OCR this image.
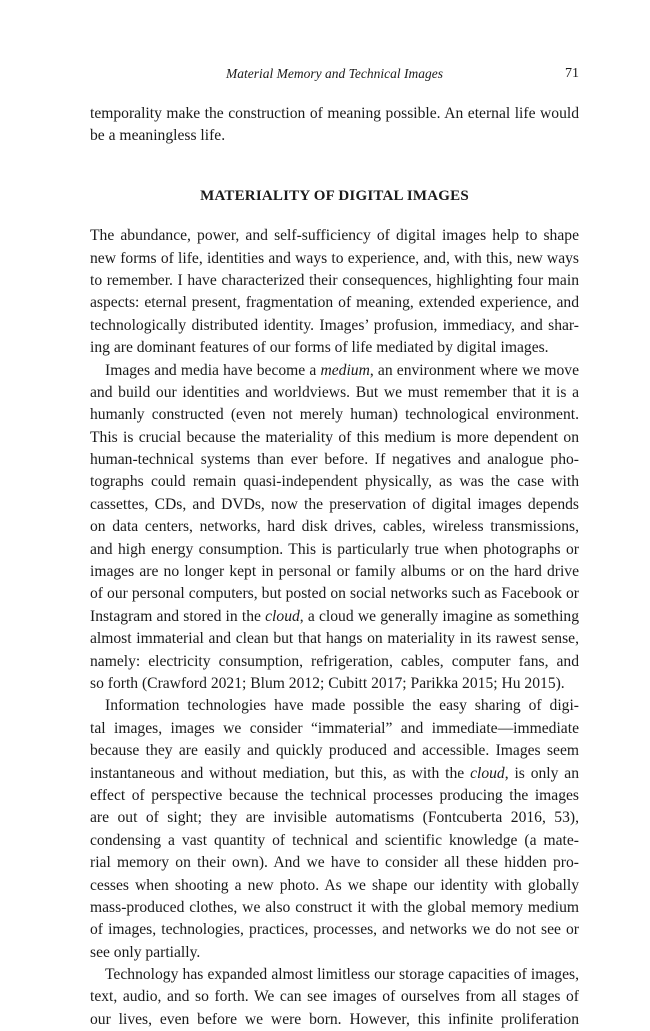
Material Memory and Technical Images	71
temporality make the construction of meaning possible. An eternal life would
be a meaningless life.
MATERIALITY OF DIGITAL IMAGES
The abundance, power, and self-sufficiency of digital images help to shape
new forms of life, identities and ways to experience, and, with this, new ways
to remember. I have characterized their consequences, highlighting four main
aspects: eternal present, fragmentation of meaning, extended experience, and
technologically distributed identity. Images’ profusion, immediacy, and shar-
ing are dominant features of our forms of life mediated by digital images.
Images and media have become a medium, an environment where we move
and build our identities and worldviews. But we must remember that it is a
humanly constructed (even not merely human) technological environment.
This is crucial because the materiality of this medium is more dependent on
human-technical systems than ever before. If negatives and analogue pho-
tographs could remain quasi-independent physically, as was the case with
cassettes, CDs, and DVDs, now the preservation of digital images depends
on data centers, networks, hard disk drives, cables, wireless transmissions,
and high energy consumption. This is particularly true when photographs or
images are no longer kept in personal or family albums or on the hard drive
of our personal computers, but posted on social networks such as Facebook or
Instagram and stored in the cloud, a cloud we generally imagine as something
almost immaterial and clean but that hangs on materiality in its rawest sense,
namely: electricity consumption, refrigeration, cables, computer fans, and
so forth (Crawford 2021; Blum 2012; Cubitt 2017; Parikka 2015; Hu 2015).
Information technologies have made possible the easy sharing of digi-
tal images, images we consider “immaterial” and immediate—immediate
because they are easily and quickly produced and accessible. Images seem
instantaneous and without mediation, but this, as with the cloud, is only an
effect of perspective because the technical processes producing the images
are out of sight; they are invisible automatisms (Fontcuberta 2016, 53),
condensing a vast quantity of technical and scientific knowledge (a mate-
rial memory on their own). And we have to consider all these hidden pro-
cesses when shooting a new photo. As we shape our identity with globally
mass-produced clothes, we also construct it with the global memory medium
of images, technologies, practices, processes, and networks we do not see or
see only partially.
Technology has expanded almost limitless our storage capacities of images,
text, audio, and so forth. We can see images of ourselves from all stages of
our lives, even before we were born. However, this infinite proliferation
